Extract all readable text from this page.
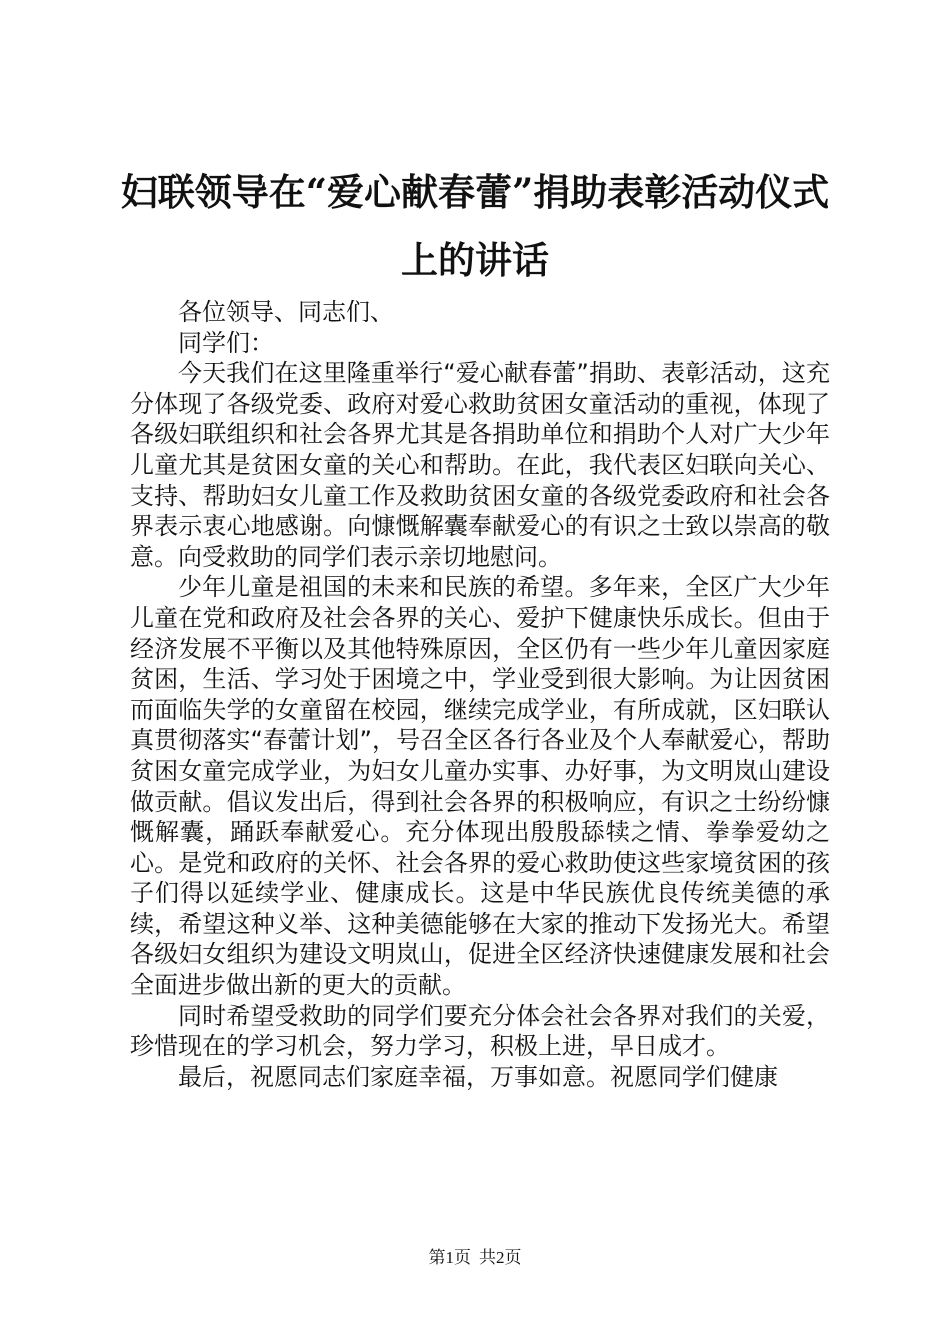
妇联领导在“爱心献春蕾”捐助表彰活动仪式
上的讲话

各位领导、同志们、

同学们：

今天我们在这里隆重举行“爱心献春蕾”捐助、表彰活动，这充分体现了各级党委、政府对爱心救助贫困女童活动的重视，体现了各级妇联组织和社会各界尤其是各捐助单位和捐助个人对广大少年儿童尤其是贫困女童的关心和帮助。在此，我代表区妇联向关心、支持、帮助妇女儿童工作及救助贫困女童的各级党委政府和社会各界表示衷心地感谢。向慷慨解囊奉献爱心的有识之士致以崇高的敬意。向受救助的同学们表示亲切地慰问。

少年儿童是祖国的未来和民族的希望。多年来，全区广大少年儿童在党和政府及社会各界的关心、爱护下健康快乐成长。但由于经济发展不平衡以及其他特殊原因，全区仍有一些少年儿童因家庭贫困，生活、学习处于困境之中，学业受到很大影响。为让因贫困而面临失学的女童留在校园，继续完成学业，有所成就，区妇联认真贯彻落实“春蕾计划”，号召全区各行各业及个人奉献爱心，帮助贫困女童完成学业，为妇女儿童办实事、办好事，为文明岚山建设做贡献。倡议发出后，得到社会各界的积极响应，有识之士纷纷慷慨解囊，踊跃奉献爱心。充分体现出殷殷舔犊之情、拳拳爱幼之心。是党和政府的关怀、社会各界的爱心救助使这些家境贫困的孩子们得以延续学业、健康成长。这是中华民族优良传统美德的承续，希望这种义举、这种美德能够在大家的推动下发扬光大。希望各级妇女组织为建设文明岚山，促进全区经济快速健康发展和社会全面进步做出新的更大的贡献。

同时希望受救助的同学们要充分体会社会各界对我们的关爱，珍惜现在的学习机会，努力学习，积极上进，早日成才。

最后，祝愿同志们家庭幸福，万事如意。祝愿同学们健康

第1页 共2页
